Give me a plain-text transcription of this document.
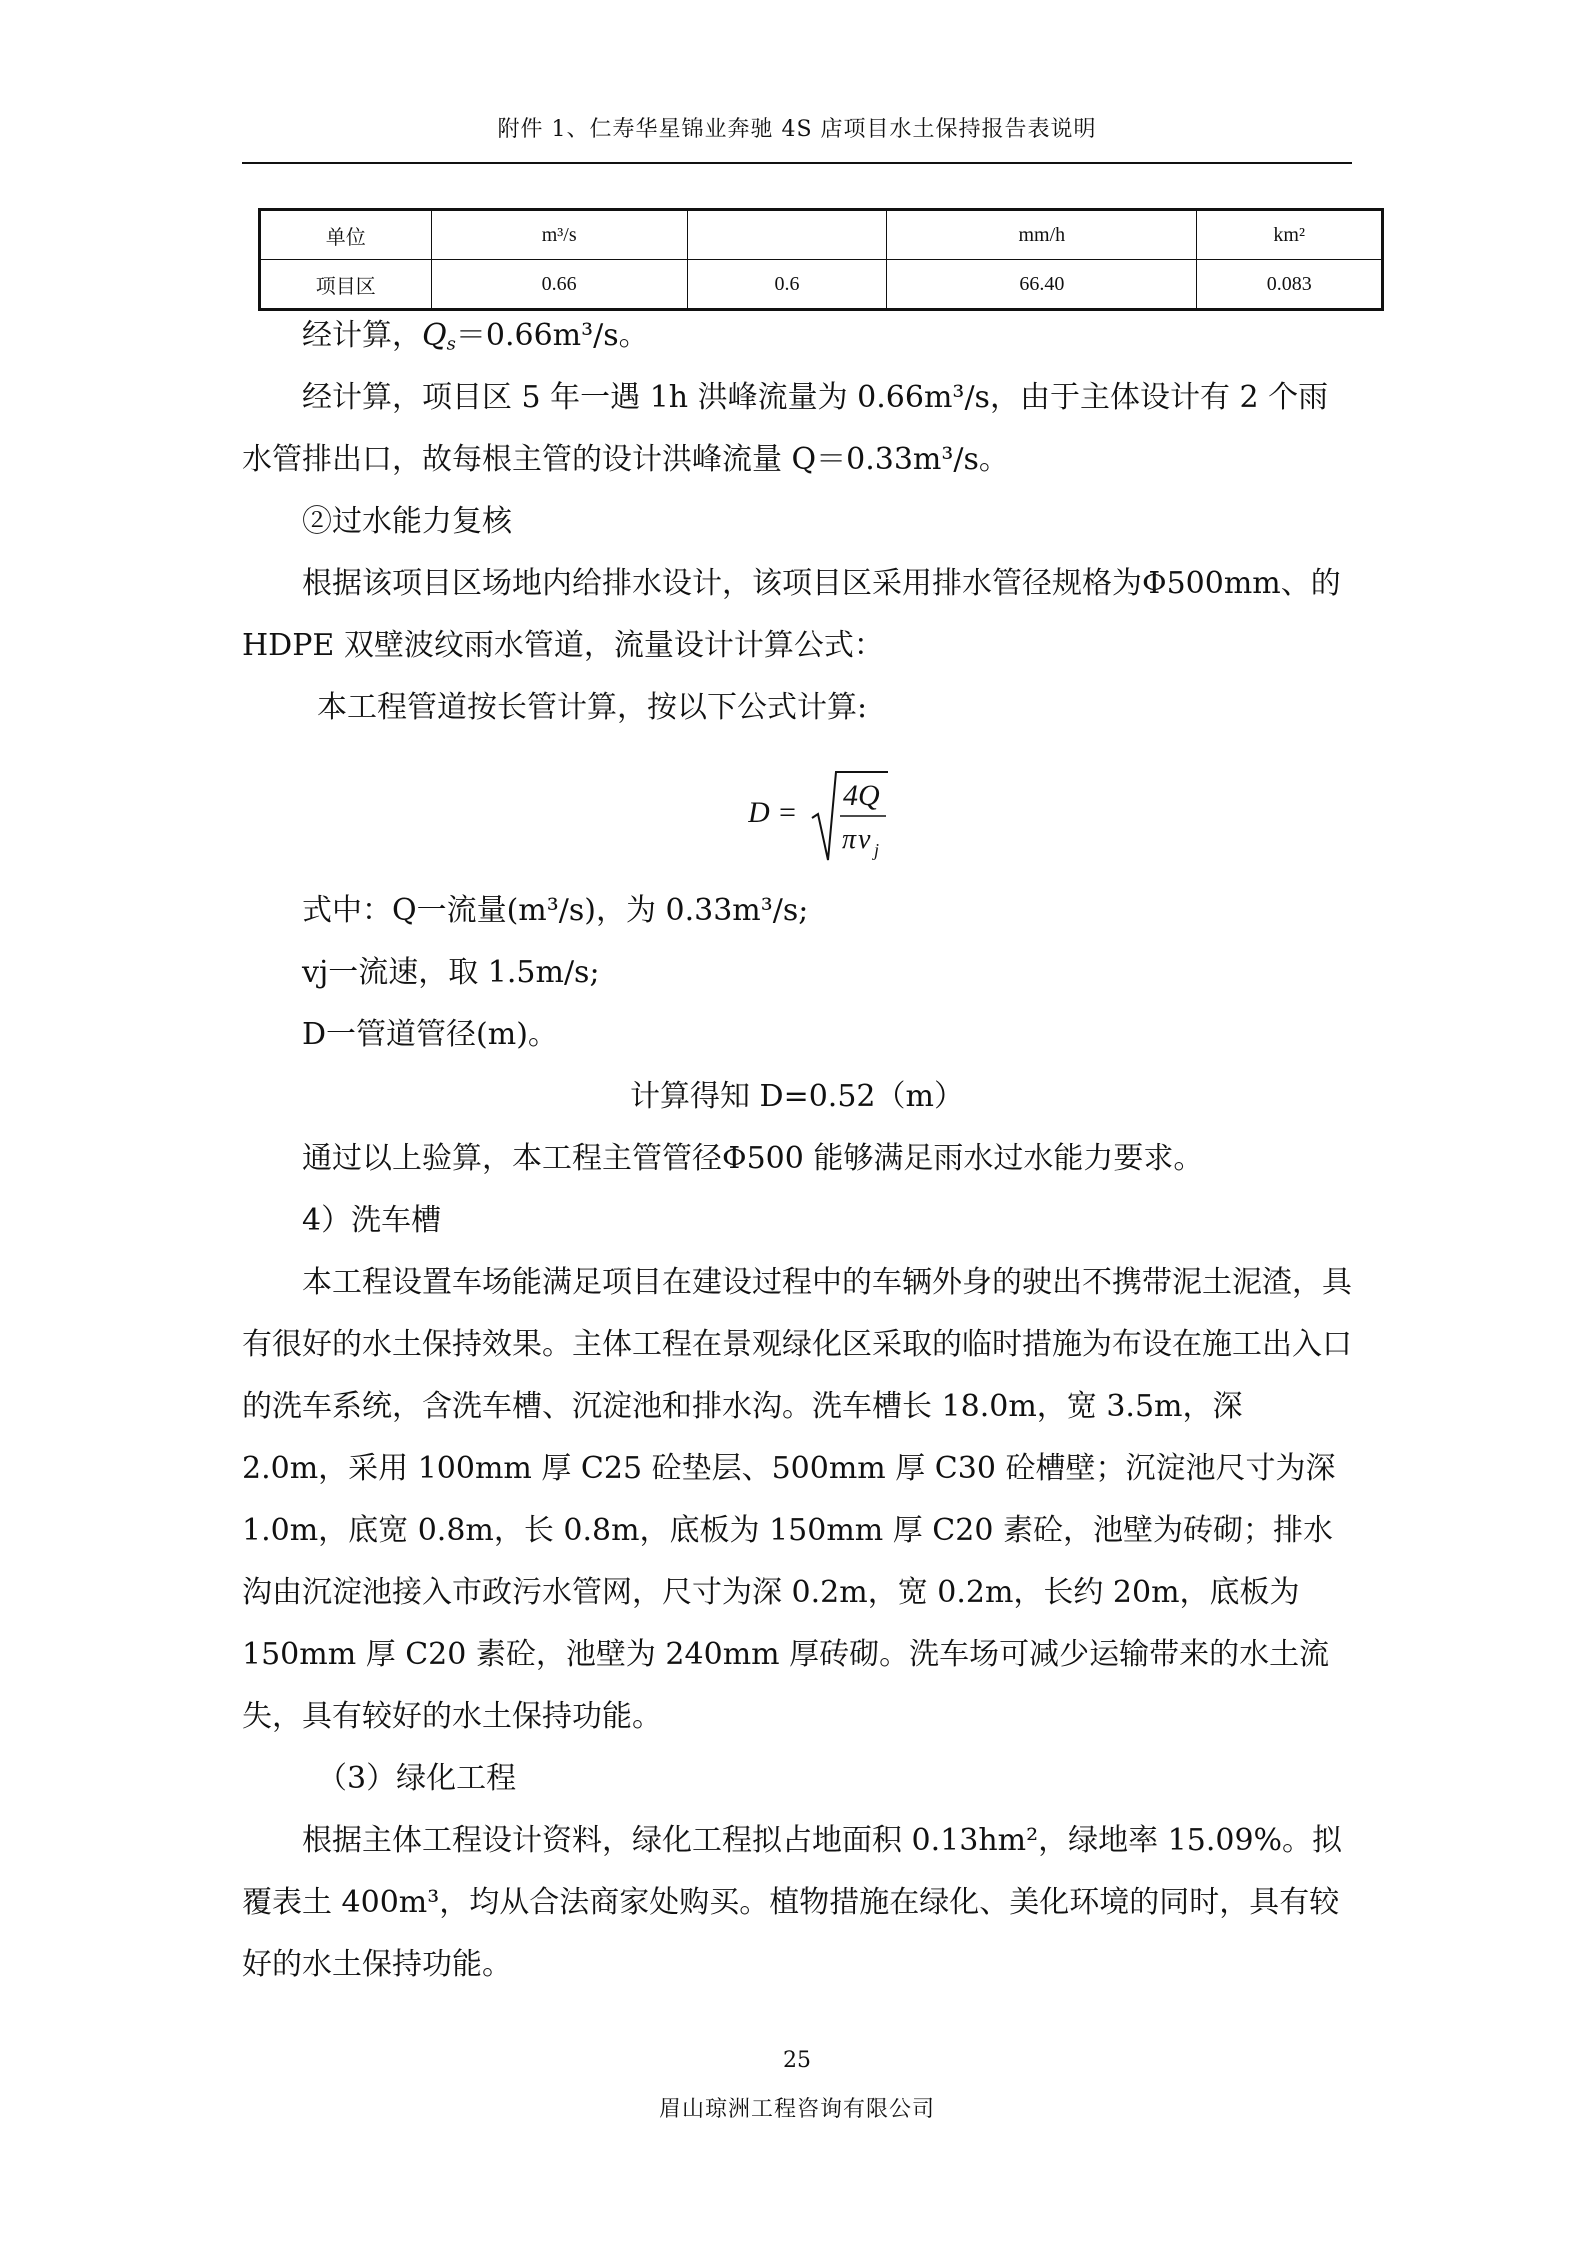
附件 1、仁寿华星锦业奔驰 4S 店项目水土保持报告表说明
单位	m³/s		mm/h	km²
项目区	0.66	0.6	66.40	0.083

经计算，$Q_s=0.66m^3/s$。

经计算，项目区 5 年一遇 1h 洪峰流量为 0.66m³/s，由于主体设计有 2 个雨水管排出口，故每根主管的设计洪峰流量 Q＝0.33m³/s。

②过水能力复核

根据该项目区场地内给排水设计，该项目区采用排水管径规格为Φ500mm、的 HDPE 双壁波纹雨水管道，流量设计计算公式：

本工程管道按长管计算，按以下公式计算:

D =
4Q
π v j

式中：Q一流量(m³/s)，为 0.33m³/s;

vj一流速，取 1.5m/s;

D一管道管径(m)。

计算得知 D=0.52（m）

通过以上验算，本工程主管管径Φ500 能够满足雨水过水能力要求。

4）洗车槽

本工程设置车场能满足项目在建设过程中的车辆外身的驶出不携带泥土泥渣，具有很好的水土保持效果。主体工程在景观绿化区采取的临时措施为布设在施工出入口的洗车系统，含洗车槽、沉淀池和排水沟。洗车槽长 18.0m，宽 3.5m，深 2.0m，采用 100mm 厚 C25 砼垫层、500mm 厚 C30 砼槽壁；沉淀池尺寸为深 1.0m，底宽 0.8m，长 0.8m，底板为 150mm 厚 C20 素砼，池壁为砖砌；排水沟由沉淀池接入市政污水管网，尺寸为深 0.2m，宽 0.2m，长约 20m，底板为 150mm 厚 C20 素砼，池壁为 240mm 厚砖砌。洗车场可减少运输带来的水土流失，具有较好的水土保持功能。

（3）绿化工程

根据主体工程设计资料，绿化工程拟占地面积 0.13hm²，绿地率 15.09%。拟覆表土 400m³，均从合法商家处购买。植物措施在绿化、美化环境的同时，具有较好的水土保持功能。

25
眉山琼洲工程咨询有限公司
